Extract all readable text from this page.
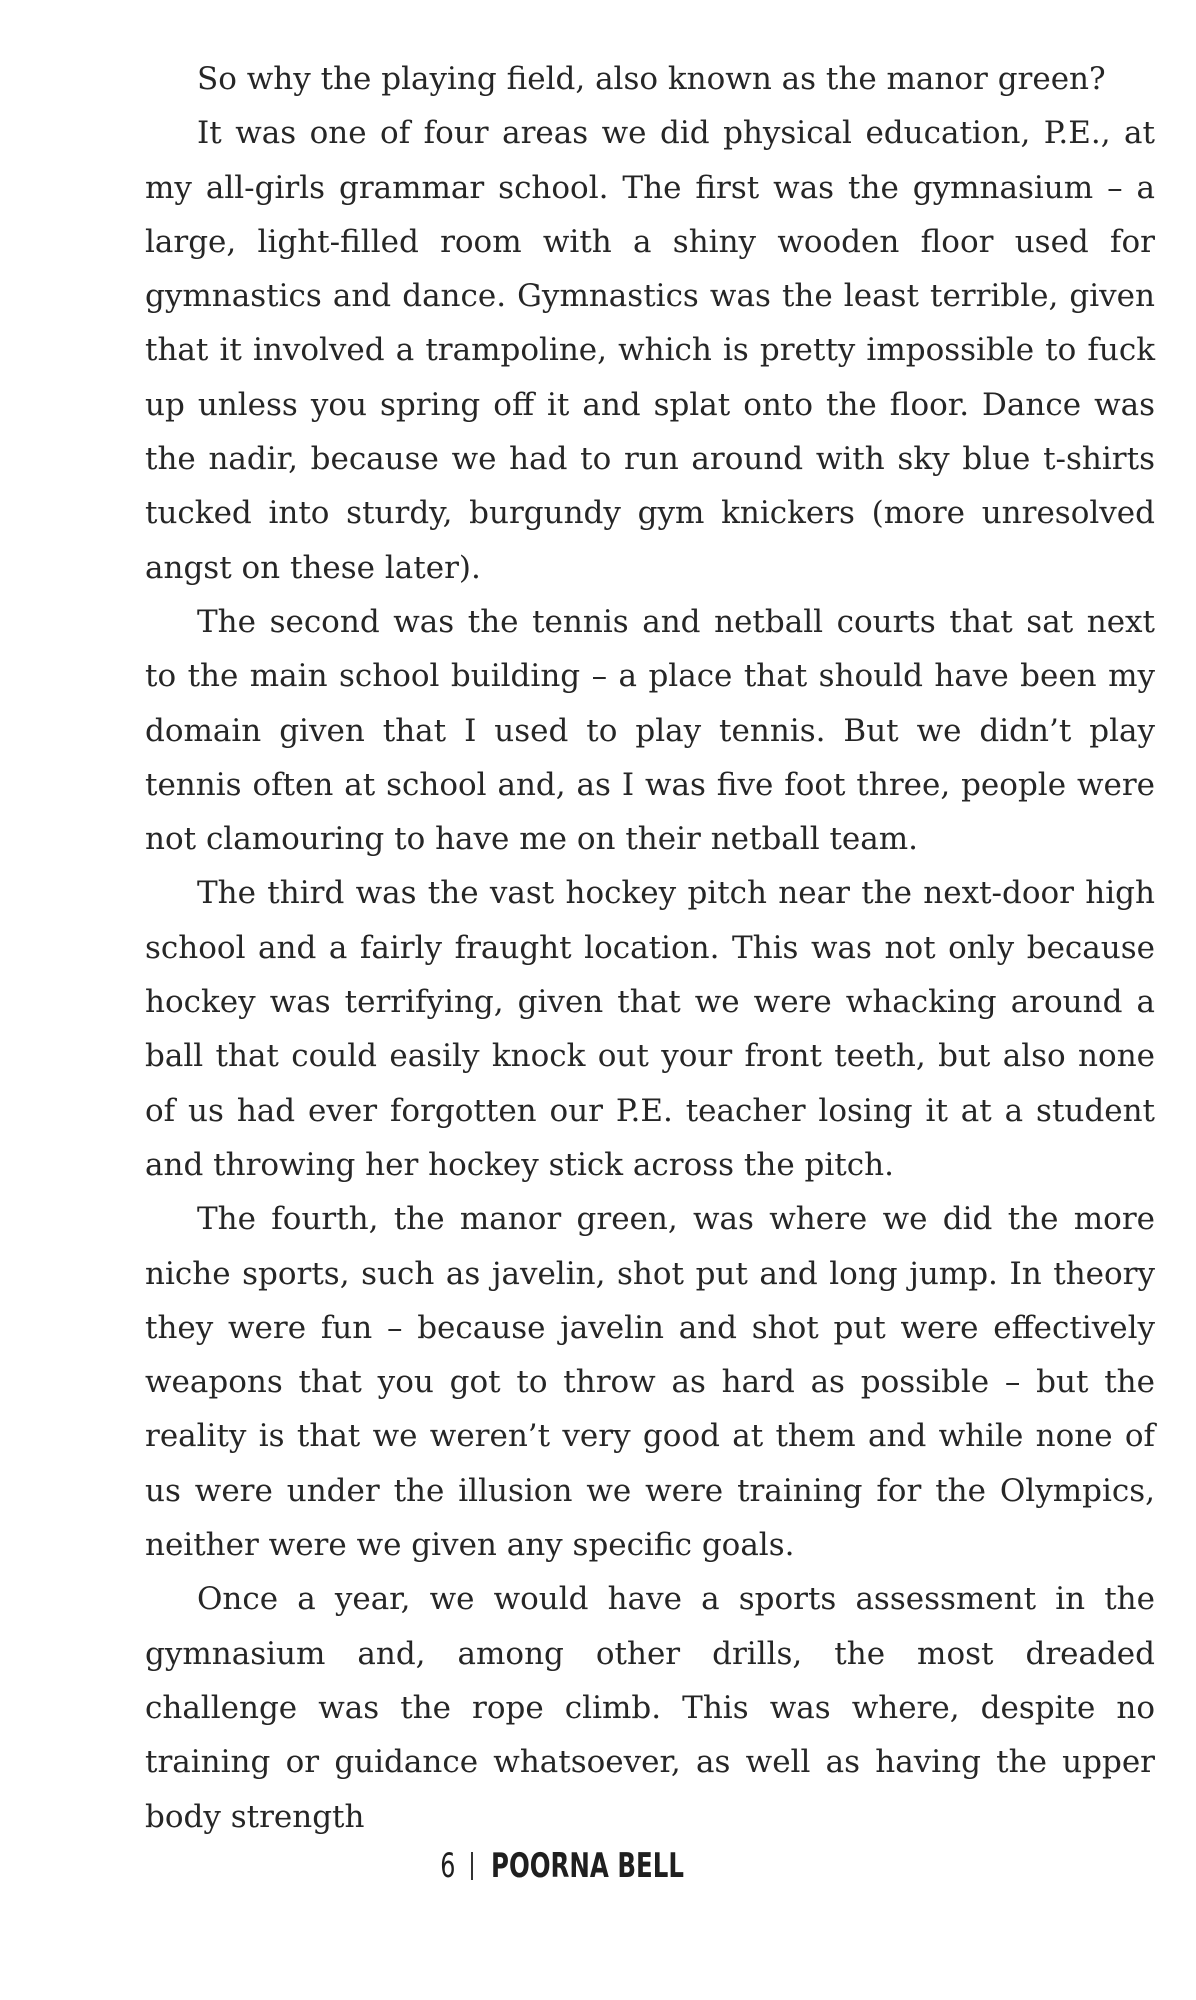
So why the playing field, also known as the manor green?

It was one of four areas we did physical education, P.E., at my all-girls grammar school. The first was the gymnasium – a large, light-filled room with a shiny wooden floor used for gymnastics and dance. Gymnastics was the least terrible, given that it involved a trampoline, which is pretty impossible to fuck up unless you spring off it and splat onto the floor. Dance was the nadir, because we had to run around with sky blue t-shirts tucked into sturdy, burgundy gym knickers (more unresolved angst on these later).

The second was the tennis and netball courts that sat next to the main school building – a place that should have been my domain given that I used to play tennis. But we didn’t play tennis often at school and, as I was five foot three, people were not clamouring to have me on their netball team.

The third was the vast hockey pitch near the next-door high school and a fairly fraught location. This was not only because hockey was terrifying, given that we were whacking around a ball that could easily knock out your front teeth, but also none of us had ever forgotten our P.E. teacher losing it at a student and throwing her hockey stick across the pitch.

The fourth, the manor green, was where we did the more niche sports, such as javelin, shot put and long jump. In theory they were fun – because javelin and shot put were effectively weapons that you got to throw as hard as possible – but the reality is that we weren’t very good at them and while none of us were under the illusion we were training for the Olympics, neither were we given any specific goals.

Once a year, we would have a sports assessment in the gymnasium and, among other drills, the most dreaded challenge was the rope climb. This was where, despite no training or guidance whatsoever, as well as having the upper body strength

6 POORNA BELL
